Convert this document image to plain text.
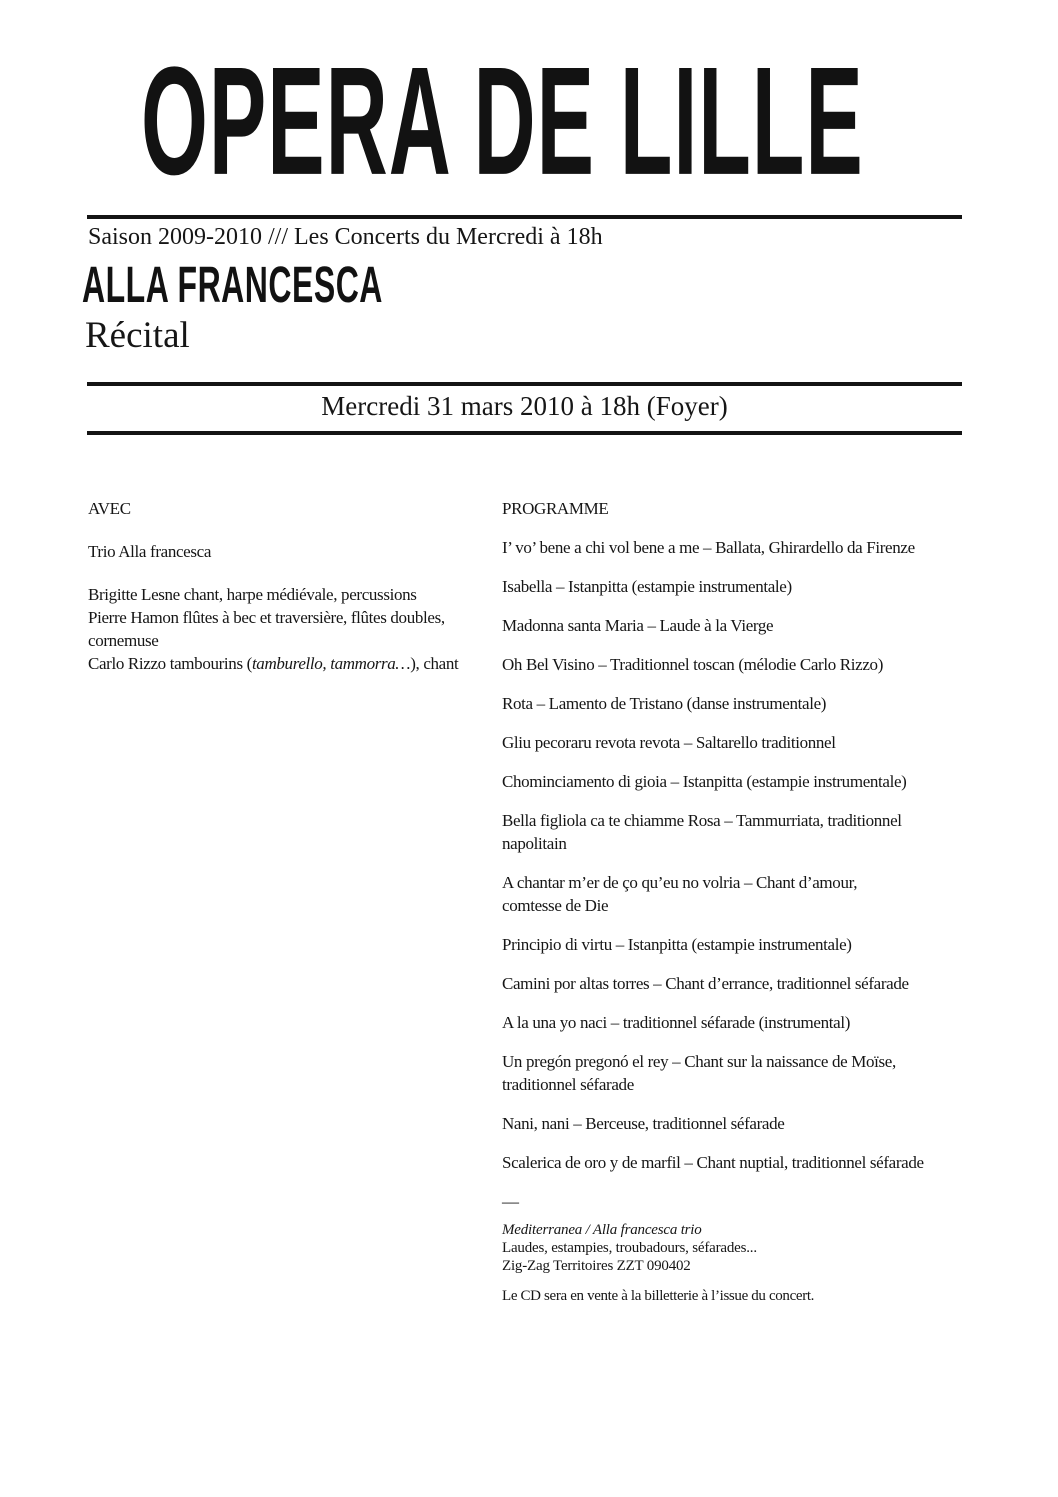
OPERA DE LILLE
Saison 2009-2010 /// Les Concerts du Mercredi à 18h
ALLA FRANCESCA
Récital
Mercredi 31 mars 2010 à 18h (Foyer)

AVEC

Trio Alla francesca

Brigitte Lesne chant, harpe médiévale, percussions
Pierre Hamon flûtes à bec et traversière, flûtes doubles,
cornemuse
Carlo Rizzo tambourins (tamburello, tammorra…), chant

PROGRAMME

I’ vo’ bene a chi vol bene a me – Ballata, Ghirardello da Firenze

Isabella – Istanpitta (estampie instrumentale)

Madonna santa Maria – Laude à la Vierge

Oh Bel Visino – Traditionnel toscan (mélodie Carlo Rizzo)

Rota – Lamento de Tristano (danse instrumentale)

Gliu pecoraru revota revota – Saltarello traditionnel

Chominciamento di gioia – Istanpitta (estampie instrumentale)

Bella figliola ca te chiamme Rosa – Tammurriata, traditionnel
napolitain

A chantar m’er de ço qu’eu no volria – Chant d’amour,
comtesse de Die

Principio di virtu – Istanpitta (estampie instrumentale)

Camini por altas torres – Chant d’errance, traditionnel séfarade

A la una yo naci – traditionnel séfarade (instrumental)

Un pregón pregonó el rey – Chant sur la naissance de Moïse,
traditionnel séfarade

Nani, nani – Berceuse, traditionnel séfarade

Scalerica de oro y de marfil – Chant nuptial, traditionnel séfarade

—

Mediterranea / Alla francesca trio
Laudes, estampies, troubadours, séfarades...
Zig-Zag Territoires ZZT 090402

Le CD sera en vente à la billetterie à l’issue du concert.
